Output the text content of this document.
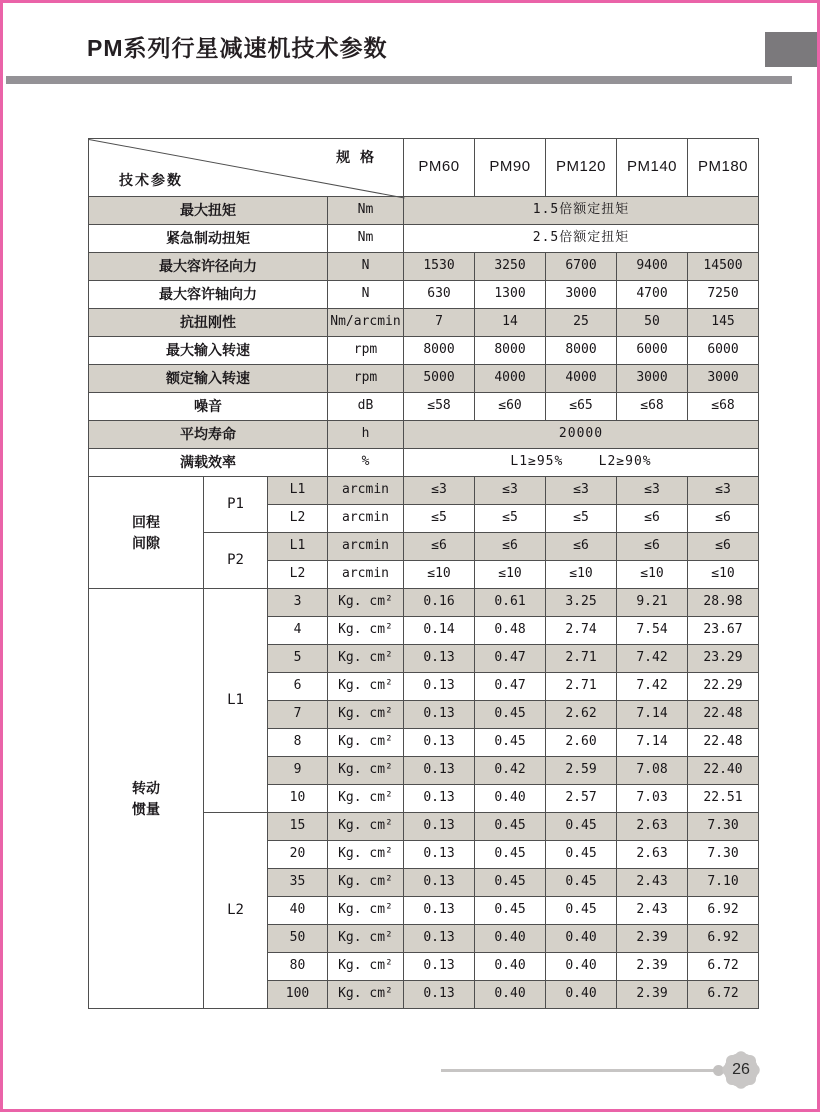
PM系列行星减速机技术参数
规 格
技术参数				PM60	PM90	PM120	PM140	PM180
最大扭矩			Nm	1.5倍额定扭矩				
紧急制动扭矩			Nm	2.5倍额定扭矩				
最大容许径向力			N	1530	3250	6700	9400	14500
最大容许轴向力			N	630	1300	3000	4700	7250
抗扭刚性			Nm/arcmin	7	14	25	50	145
最大输入转速			rpm	8000	8000	8000	6000	6000
额定输入转速			rpm	5000	4000	4000	3000	3000
噪音			dB	≤58	≤60	≤65	≤68	≤68
平均寿命			h	20000				
满载效率			%	L1≥95%    L2≥90%				

回程
间隙	P1	L1	arcmin	≤3	≤3	≤3	≤3	≤3
		L2	arcmin	≤5	≤5	≤5	≤6	≤6
	P2	L1	arcmin	≤6	≤6	≤6	≤6	≤6
		L2	arcmin	≤10	≤10	≤10	≤10	≤10

转动
惯量	L1	3	Kg. cm²	0.16	0.61	3.25	9.21	28.98
		4	Kg. cm²	0.14	0.48	2.74	7.54	23.67
		5	Kg. cm²	0.13	0.47	2.71	7.42	23.29
		6	Kg. cm²	0.13	0.47	2.71	7.42	22.29
		7	Kg. cm²	0.13	0.45	2.62	7.14	22.48
		8	Kg. cm²	0.13	0.45	2.60	7.14	22.48
		9	Kg. cm²	0.13	0.42	2.59	7.08	22.40
		10	Kg. cm²	0.13	0.40	2.57	7.03	22.51
	L2	15	Kg. cm²	0.13	0.45	0.45	2.63	7.30
		20	Kg. cm²	0.13	0.45	0.45	2.63	7.30
		35	Kg. cm²	0.13	0.45	0.45	2.43	7.10
		40	Kg. cm²	0.13	0.45	0.45	2.43	6.92
		50	Kg. cm²	0.13	0.40	0.40	2.39	6.92
		80	Kg. cm²	0.13	0.40	0.40	2.39	6.72
		100	Kg. cm²	0.13	0.40	0.40	2.39	6.72
26
